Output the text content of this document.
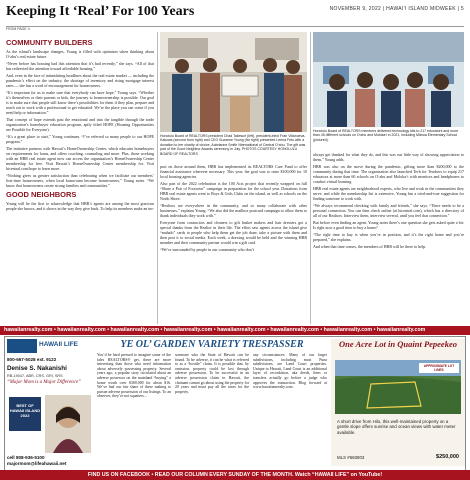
Keeping It ‘Real’ For 100 Years	NOVEMBER 9, 2022 | HAWAI‘I ISLAND MIDWEEK | 5
FROM PAGE 4
COMMUNITY BUILDERS

As the island’s landscape changes, Young is filled with optimism when thinking about O‘ahu’s real estate future.

“Never before has housing had this attention that it’s had recently,” she says. “All of that has redirected the attention toward affordable housing.”

And, even in the face of intimidating headlines about the real estate market — including the pandemic’s effect on the industry, the shortage of inventory and rising mortgage interest rates — she has a word of encouragement for homeowners.

“It’s important for us to make sure that everybody can have hope,” Young says. “Whether it’s themselves or their parents or kids, the journey to homeownership is possible. Our goal is to make sure that people still know there’s possibilities for them if they plan, prepare and reach out to work with a professional to get educated. We’re the place you can come if you need help or information.”

That concept of hope extends past the emotional and into the tangible through the trade organization’s homebuyer education program, aptly titled HOPE (Housing Opportunities are Possible for Everyone).

“It’s a great place to start,” Young continues. “I’ve referred so many people to our HOPE program.”

The initiative partners with Hawaii’s HomeOwnership Center, which educates homebuyers on requirements for loans, and offers coaching, counseling and more. Plus, those working with an HBR real estate agent now can access the organization’s HomeOwnership Center membership for free. Visit Hawaii’s HomeOwnership Center membership for. Visit hicentral.com/hope to learn more.

“Nothing gives us greater satisfaction than celebrating when we facilitate our members’ first-time homeowners, when local kama‘aina become homeowners,” Young notes. “We know that homeowners create strong families and communities.”

GOOD NEIGHBORS

Young will be the first to acknowledge that HBR’s agents are among the most gracious people she knows, and it shows in the way they give back. To help its members make an im-

Honolulu Board of REALTORS president Chad Takesue (left), president-elect Fran Villanueva-Kakuwa (second from right) and CEO Suzanne Young (far right) presented Leena Fetu with a donation to her charity of choice, Aubrianne Smith Ntremational of Central O‘ahu. The gift was part of the Good Neighbor Awards ceremony in July. PHOTOS COURTESY HONOLULU BOARD OF REALTORS

pact on those around them, HBR has implemented its REALTORS Care Fund to offer financial assistance wherever necessary. This year, the goal was to raise $100,000 for 10 local housing agencies.

Also part of the 2022 celebration is the 100 Acts project that recently wrapped on full “Share a Pair of Footwear” campaign in preparation for the school year. Donations from HBR real estate agents went to Boys & Girls Clubs on the island, as well as schools on the North Shore.

“Realtors are everywhere in the community, and so many collaborate with other businesses,” explains Young. “We also did the mailbox postcard campaign to allow them to thank individuals they work with.”

Everyone from contractors and cleaners to gift basket makers and hair dressers got a special thanks from the Realtor in their life. The effort saw agents across the island give “mahalo” cards to people who help them get the job done, take a picture with them and then post it to social media. Each week, a drawing would be held and the winning HBR member and their community partner would win a gift card.

“We’re surrounded by people in our community who don’t

Honolulu Board of REALTORS members delivered technology kits to 217 educators and more than 45 different schools on O‘ahu and Moloka‘i in 2021, including Mānoa Elementary School (pictured).

always get thanked for what they do, and this was our little way of showing appreciation to them,” Young adds.

HBR was also on the move during the pandemic, gifting more than $200,000 to the community during that time. The organization also launched Tech for Teachers to equip 217 educators at more than 60 schools on O‘ahu and Moloka‘i with monitors and headphones to conduct virtual learning.

HBR real estate agents are neighborhood experts, who live and work in the communities they serve, and while the membership list is extensive, Young has a tried-and-true suggestion for finding someone to work with.

“We always recommend checking with family and friends,” she says. “There needs to be a personal connection. You can then check online (at hicentral.com), which has a directory of all of our Realtors. Interview them, interview several, until you feel that connection.”

But before even finding an agent, Young notes there’s one question she gets asked quite a bit: Is right now a good time to buy a home?

“The right time to buy is when you’re in position, and it’s the right home and you’re prepared,” she explains.

And when that time comes, the members of HBR will be there to help.

hawaiianrealty.com • hawaiianrealty.com • hawaiianrealty.com • hawaiianrealty.com • hawaiianrealty.com • hawaiianrealty.com • hawaiianrealty.com • hawaiianrealty.com
HAWAII LIFE
800-667-5028 ext. 9122
Denise S. Nakanishi
RB-19047, ABR, CRS, GRI, SRS
“Major Mom is a Major Difference”
BEST OF HAWAII ISLAND 2022
cell 808-936-5100
majormom@lifeahawaii.net
YE OL’ GARDEN VARIETY TRESPASSER
You’d be hard pressed to imagine some of the tales REALTORS® get, there are more interesting than those who need information about adversely possessing property. Several years ago, a popular story circulated about an adverse possessor on the mainland “buying” a home worth over $300,000 for about $16. We’ve had our fair share of these making to pursue adverse possession of our listings. To an observer, they’re not squatters...
someone who the State of Hawaii can be found. To be adverse, it can be what is referred to as a “hostile” claim. It is possible that, by omission, property could be lost through adverse possession. To be successful in an adverse possession claim in Hawaii, the claimant cannot go about using the property for 20 years and must pay all the taxes for the property.
any circumstances. Many of our larger subdivisions, including most Puna subdivisions, are Land Court properties. Unique to Hawaii, Land Court is an additional layer of recordation, aka deeds, liens or transfers actually go before a judge who approves the transaction. Blog forward at www.hawaiianrealty.com.
One Acre Lot in Quaint Pepeekeo
APPROXIMATE LOT LINES
A short drive from Hilo, this well-maintained property on a gentle slope offers sunrise and ocean views with water meter available.
MLS #660803	$250,000
FIND US ON FACEBOOK • READ OUR COLUMN EVERY SUNDAY OF THE MONTH. Watch “HAWAII LIFE” on YouTube!
